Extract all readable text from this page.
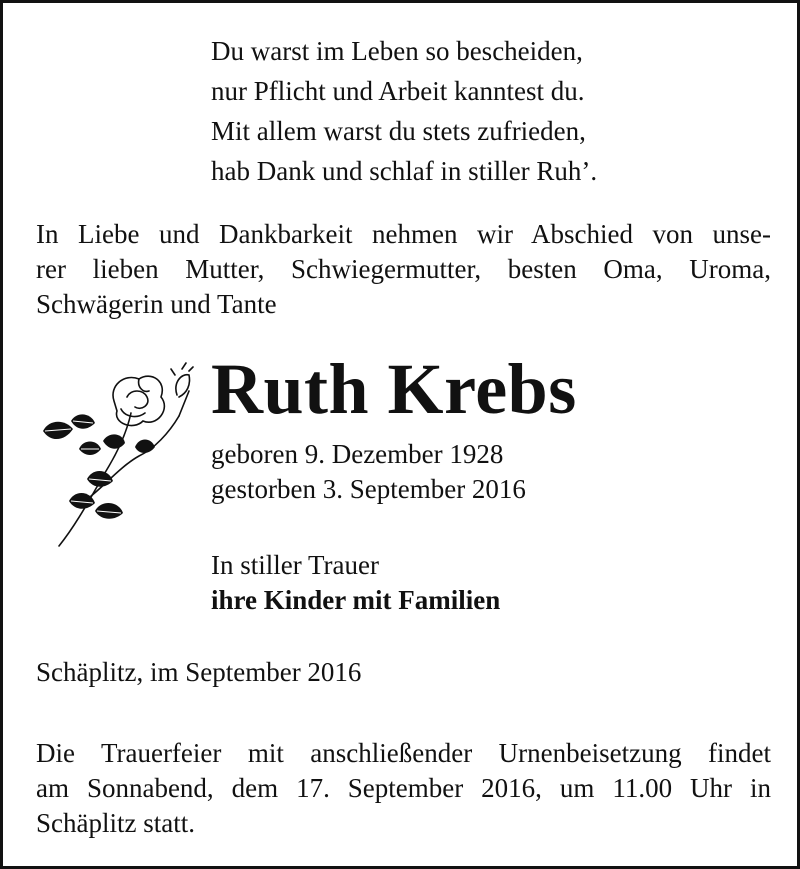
Du warst im Leben so bescheiden,
nur Pflicht und Arbeit kanntest du.
Mit allem warst du stets zufrieden,
hab Dank und schlaf in stiller Ruh’.
In Liebe und Dankbarkeit nehmen wir Abschied von unse-
rer lieben Mutter, Schwiegermutter, besten Oma, Uroma,
Schwägerin und Tante
Ruth Krebs
geboren 9. Dezember 1928
gestorben 3. September 2016
In stiller Trauer
ihre Kinder mit Familien
Schäplitz, im September 2016
Die Trauerfeier mit anschließender Urnenbeisetzung findet
am Sonnabend, dem 17. September 2016, um 11.00 Uhr in
Schäplitz statt.
